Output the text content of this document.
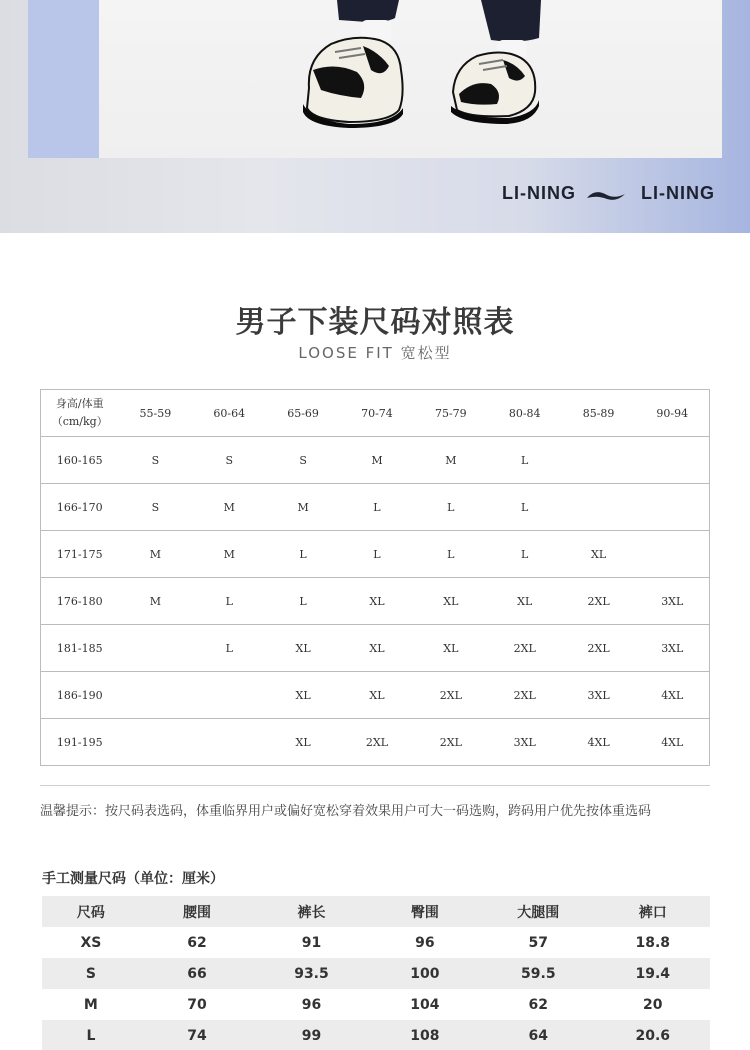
LI-NING	LI-NING
男子下装尺码对照表
LOOSE FIT 宽松型
身高/体重
（cm/kg）	55-59	60-64	65-69	70-74	75-79	80-84	85-89	90-94
160-165	S	S	S	M	M	L		
166-170	S	M	M	L	L	L		
171-175	M	M	L	L	L	L	XL	
176-180	M	L	L	XL	XL	XL	2XL	3XL
181-185		L	XL	XL	XL	2XL	2XL	3XL
186-190			XL	XL	2XL	2XL	3XL	4XL
191-195			XL	2XL	2XL	3XL	4XL	4XL
温馨提示：按尺码表选码，体重临界用户或偏好宽松穿着效果用户可大一码选购，跨码用户优先按体重选码
手工测量尺码（单位：厘米）
尺码	腰围	裤长	臀围	大腿围	裤口
XS	62	91	96	57	18.8
S	66	93.5	100	59.5	19.4
M	70	96	104	62	20
L	74	99	108	64	20.6
